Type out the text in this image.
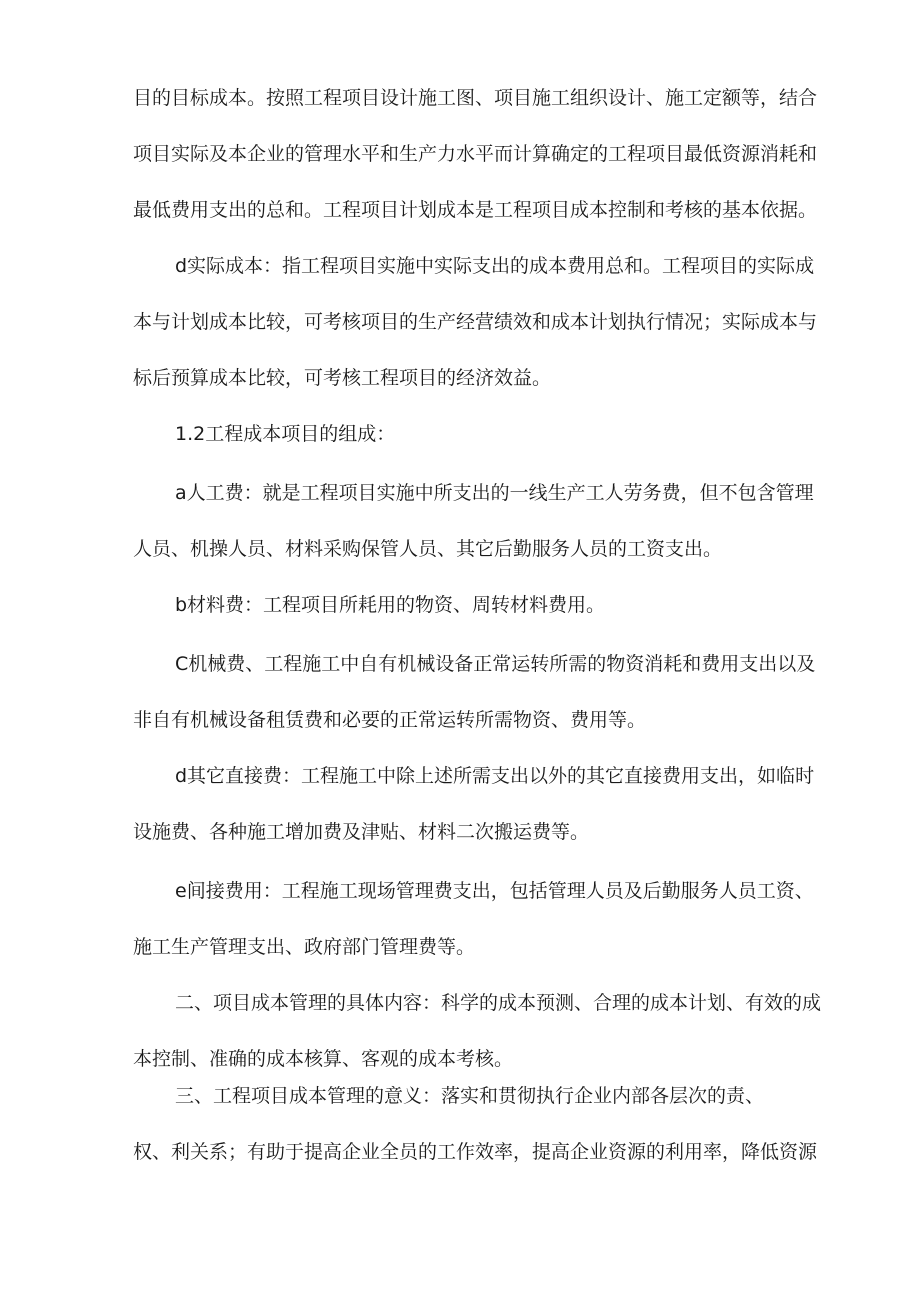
目的目标成本。按照工程项目设计施工图、项目施工组织设计、施工定额等，结合
项目实际及本企业的管理水平和生产力水平而计算确定的工程项目最低资源消耗和
最低费用支出的总和。工程项目计划成本是工程项目成本控制和考核的基本依据。
d实际成本：指工程项目实施中实际支出的成本费用总和。工程项目的实际成
本与计划成本比较，可考核项目的生产经营绩效和成本计划执行情况；实际成本与
标后预算成本比较，可考核工程项目的经济效益。
1.2工程成本项目的组成：
a人工费：就是工程项目实施中所支出的一线生产工人劳务费，但不包含管理
人员、机操人员、材料采购保管人员、其它后勤服务人员的工资支出。
b材料费：工程项目所耗用的物资、周转材料费用。
C机械费、工程施工中自有机械设备正常运转所需的物资消耗和费用支出以及
非自有机械设备租赁费和必要的正常运转所需物资、费用等。
d其它直接费：工程施工中除上述所需支出以外的其它直接费用支出，如临时
设施费、各种施工增加费及津贴、材料二次搬运费等。
e间接费用：工程施工现场管理费支出，包括管理人员及后勤服务人员工资、
施工生产管理支出、政府部门管理费等。
二、项目成本管理的具体内容：科学的成本预测、合理的成本计划、有效的成
本控制、准确的成本核算、客观的成本考核。
三、工程项目成本管理的意义：落实和贯彻执行企业内部各层次的责、
权、利关系；有助于提高企业全员的工作效率，提高企业资源的利用率，降低资源
